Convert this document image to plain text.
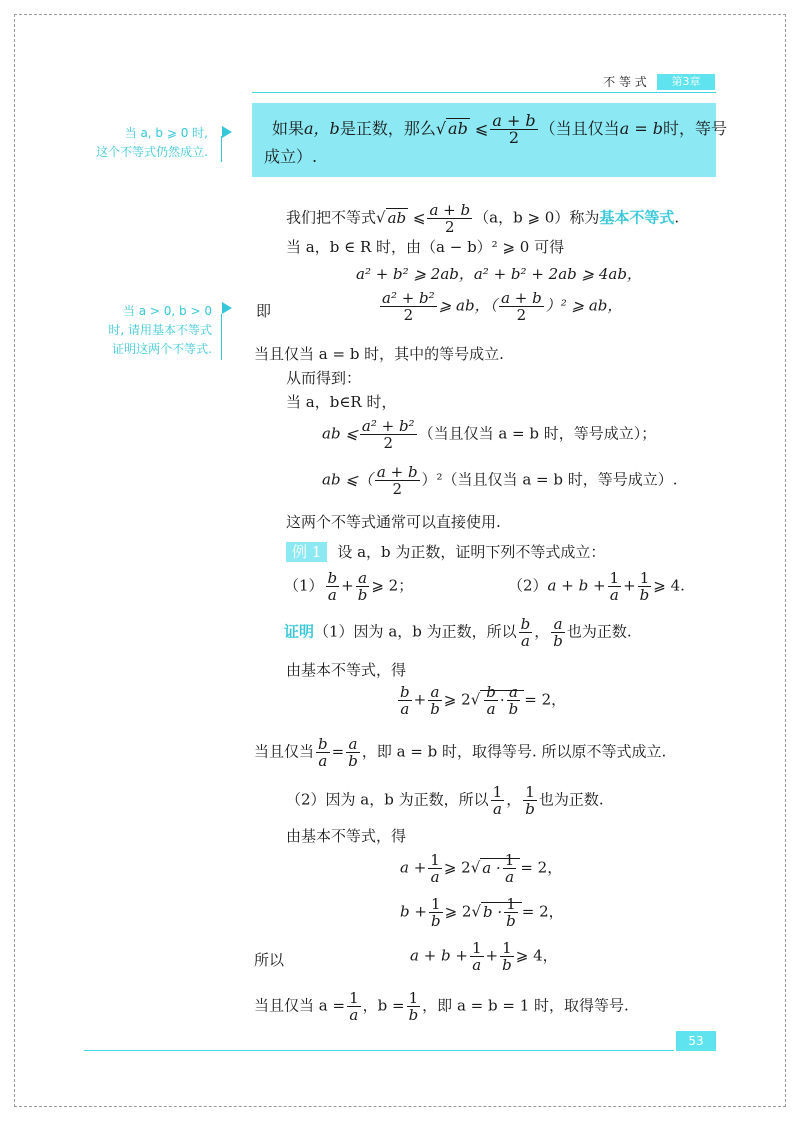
不 等 式	第3章
当 a, b ⩾ 0 时,
这个不等式仍然成立.
如果a，b是正数，那么√ ab ⩽ $\frac{a + b}{2}$ （当且仅当a = b时，等号
成立）.
我们把不等式√ ab ⩽ $\frac{a + b}{2} (a$，b ⩾ 0）称为基本不等式.
当 a，b ∈ R 时，由（a − b）² ⩾ 0 可得
a² + b² ⩾ 2ab，a² + b² + 2ab ⩾ 4ab，
当 a > 0, b > 0
时, 请用基本不等式
证明这两个不等式.
即	$\frac{\text{a² + b²}}{2}$ ⩾ ab，（ $\frac{a + b}{2} )^2$ ⩾ ab，
当且仅当 a = b 时，其中的等号成立.
从而得到：
当 a，b∈R 时，
ab ⩽ $\frac{\text{a² + b²}}{2}$ （当且仅当 a = b 时，等号成立）；
ab ⩽（ $\frac{a + b}{2} )^2$（当且仅当 a = b 时，等号成立）.
这两个不等式通常可以直接使用.
例 1 设 a，b 为正数，证明下列不等式成立：
$(1) \frac{b}{a} + \frac{a}{b}$ ⩾ 2；	$(2)a + b + \frac{1}{a} + \frac{1}{b}$ ⩾ 4.
证明（1）因为 a，b 为正数，所以 $\frac{b}{a}$ ， $\frac{a}{b}$ 也为正数.
由基本不等式，得
$\frac{b}{a} + \frac{a}{b}$ ⩾ $2√ \frac{b}{a} \cdot \frac{a}{b} = 2$，
当且仅当 $\frac{b}{a} = \frac{a}{b}$ ，即 a = b 时，取得等号. 所以原不等式成立.
（2）因为 a，b 为正数，所以 $\frac{1}{a}$ ， $\frac{1}{b}$ 也为正数.
由基本不等式，得
$a + \frac{1}{a}$ ⩾ 2√ $a \cdot \frac{1}{a} = 2$，
$b + \frac{1}{b}$ ⩾ 2√ $b \cdot \frac{1}{b} = 2$，
所以	$a + b + \frac{1}{a} + \frac{1}{b}$ ⩾ 4，
当且仅当 $a = \frac{1}{a}$ ，$b = \frac{1}{b}$ ，即 a = b = 1 时，取得等号.
53
